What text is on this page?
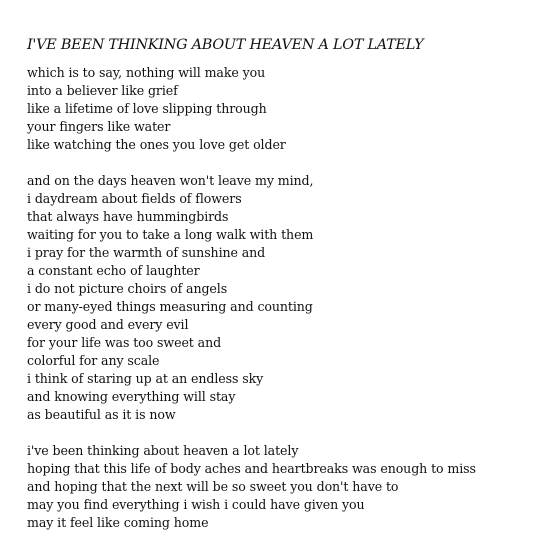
I'VE BEEN THINKING ABOUT HEAVEN A LOT LATELY

which is to say, nothing will make you

into a believer like grief

like a lifetime of love slipping through

your fingers like water

like watching the ones you love get older

and on the days heaven won't leave my mind,

i daydream about fields of flowers

that always have hummingbirds

waiting for you to take a long walk with them

i pray for the warmth of sunshine and

a constant echo of laughter

i do not picture choirs of angels

or many-eyed things measuring and counting

every good and every evil

for your life was too sweet and

colorful for any scale

i think of staring up at an endless sky

and knowing everything will stay

as beautiful as it is now

i've been thinking about heaven a lot lately

hoping that this life of body aches and heartbreaks was enough to miss

and hoping that the next will be so sweet you don't have to

may you find everything i wish i could have given you

may it feel like coming home
